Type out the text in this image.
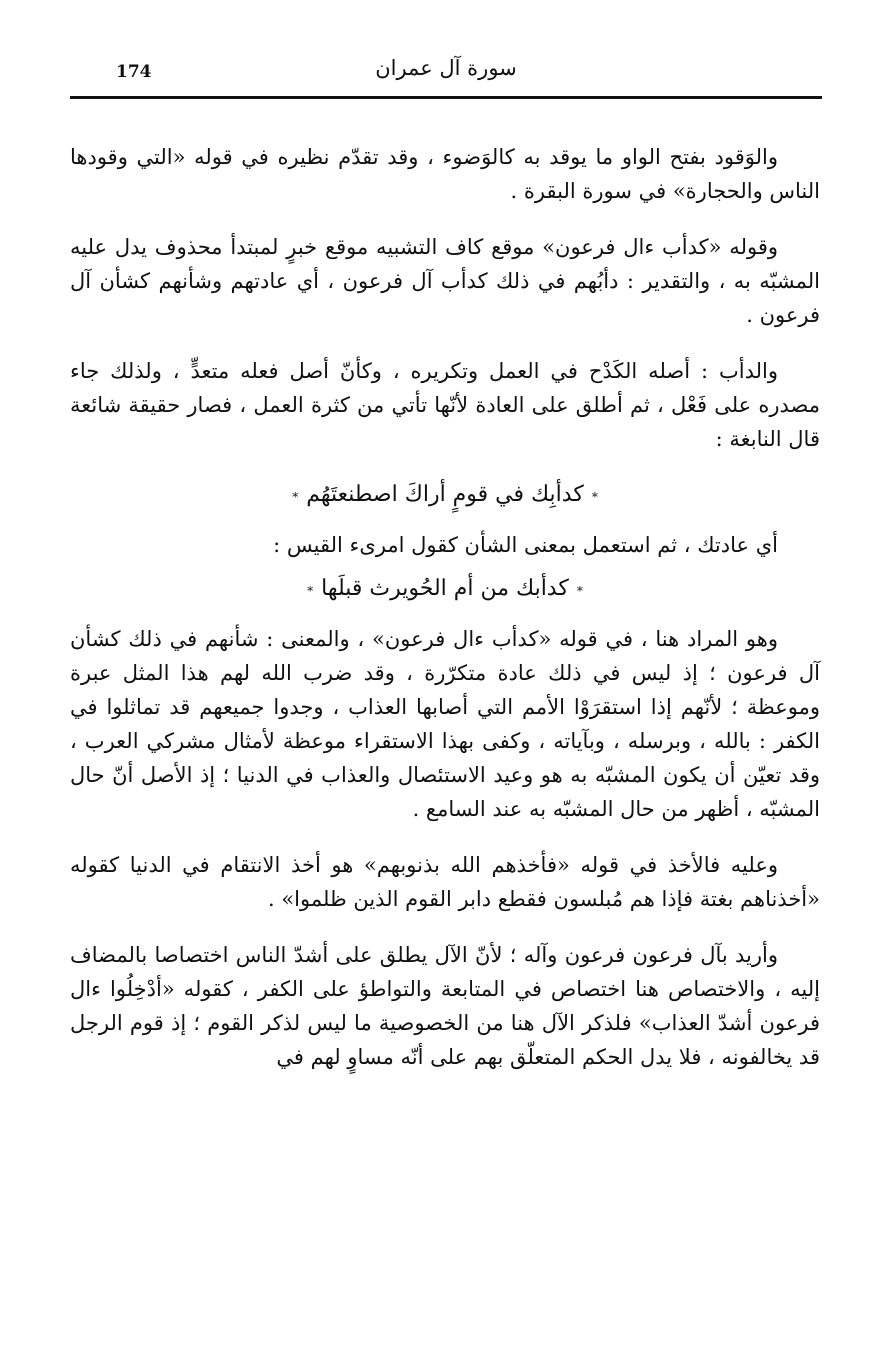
174	سورة آل عمران

والوَقود بفتح الواو ما يوقد به كالوَضوء ، وقد تقدّم نظيره في قوله «التي وقودها الناس والحجارة» في سورة البقرة .

وقوله «كدأب ءال فرعون» موقع كاف التشبيه موقع خبرٍ لمبتدأ محذوف يدل عليه المشبّه به ، والتقدير : دأبُهم في ذلك كدأب آل فرعون ، أي عادتهم وشأنهم كشأن آل فرعون .

والدأب : أصله الكَدْح في العمل وتكريره ، وكأنّ أصل فعله متعدٍّ ، ولذلك جاء مصدره على فَعْل ، ثم أطلق على العادة لأنّها تأتي من كثرة العمل ، فصار حقيقة شائعة قال النابغة :

*كدأبِك في قومٍ أراكَ اصطنعتَهُم*

أي عادتك ، ثم استعمل بمعنى الشأن كقول امرىء القيس :

*كدأبك من أم الحُويرث قبلَها*

وهو المراد هنا ، في قوله «كدأب ءال فرعون» ، والمعنى : شأنهم في ذلك كشأن آل فرعون ؛ إذ ليس في ذلك عادة متكرّرة ، وقد ضرب الله لهم هذا المثل عبرة وموعظة ؛ لأنّهم إذا استقرَوْا الأمم التي أصابها العذاب ، وجدوا جميعهم قد تماثلوا في الكفر : بالله ، وبرسله ، وبآياته ، وكفى بهذا الاستقراء موعظة لأمثال مشركي العرب ، وقد تعيّن أن يكون المشبّه به هو وعيد الاستئصال والعذاب في الدنيا ؛ إذ الأصل أنّ حال المشبّه ، أظهر من حال المشبّه به عند السامع .

وعليه فالأخذ في قوله «فأخذهم الله بذنوبهم» هو أخذ الانتقام في الدنيا كقوله «أخذناهم بغتة فإذا هم مُبلسون فقطع دابر القوم الذين ظلموا» .

وأريد بآل فرعون فرعون وآله ؛ لأنّ الآل يطلق على أشدّ الناس اختصاصا بالمضاف إليه ، والاختصاص هنا اختصاص في المتابعة والتواطؤ على الكفر ، كقوله «أدْخِلُوا ءال فرعون أشدّ العذاب» فلذكر الآل هنا من الخصوصية ما ليس لذكر القوم ؛ إذ قوم الرجل قد يخالفونه ، فلا يدل الحكم المتعلّق بهم على أنّه مساوٍ لهم في
